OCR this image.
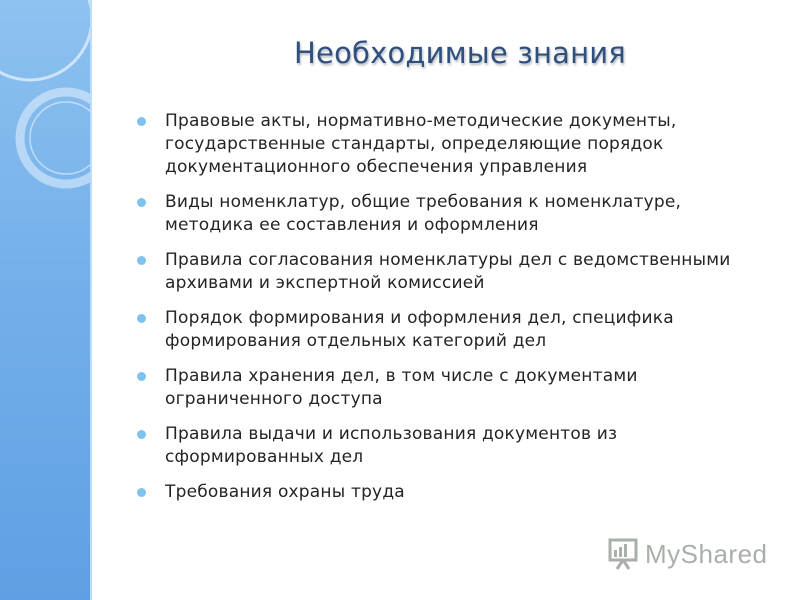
Необходимые знания
Правовые акты, нормативно-методические документы, государственные стандарты, определяющие порядок документационного обеспечения управления
Виды номенклатур, общие требования к номенклатуре, методика ее составления и оформления
Правила согласования номенклатуры дел с ведомственными архивами и экспертной комиссией
Порядок формирования и оформления дел, специфика формирования отдельных категорий дел
Правила хранения дел, в том числе с документами ограниченного доступа
Правила выдачи и использования документов из сформированных дел
Требования охраны труда
MyShared
